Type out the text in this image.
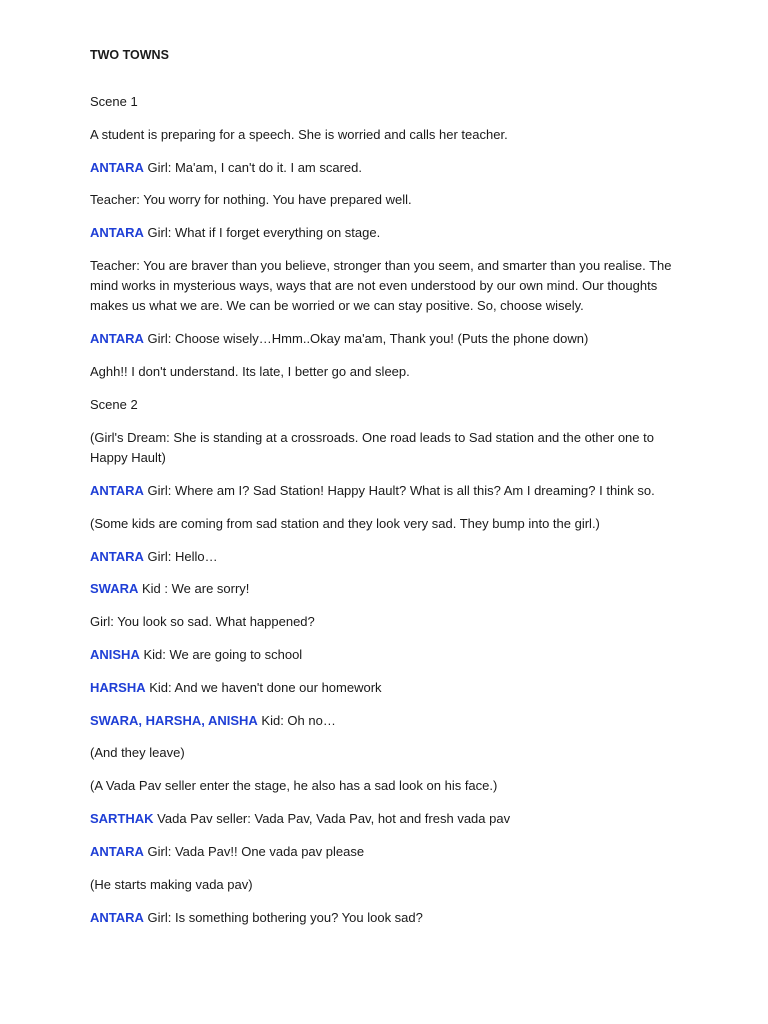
TWO TOWNS
Scene 1
A student is preparing for a speech. She is worried and calls her teacher.
ANTARA Girl: Ma'am, I can't do it. I am scared.
Teacher: You worry for nothing. You have prepared well.
ANTARA Girl: What if I forget everything on stage.
Teacher: You are braver than you believe, stronger than you seem, and smarter than you realise. The mind works in mysterious ways, ways that are not even understood by our own mind. Our thoughts makes us what we are. We can be worried or we can stay positive. So, choose wisely.
ANTARA Girl: Choose wisely…Hmm..Okay ma'am, Thank you! (Puts the phone down)
Aghh!! I don't understand. Its late, I better go and sleep.
Scene 2
(Girl's Dream: She is standing at a crossroads. One road leads to Sad station and the other one to Happy Hault)
ANTARA Girl: Where am I? Sad Station! Happy Hault? What is all this? Am I dreaming? I think so.
(Some kids are coming from sad station and they look very sad. They bump into the girl.)
ANTARA Girl: Hello…
SWARA Kid : We are sorry!
Girl: You look so sad. What happened?
ANISHA Kid: We are going to school
HARSHA Kid: And we haven't done our homework
SWARA, HARSHA, ANISHA Kid: Oh no…
(And they leave)
(A Vada Pav seller enter the stage, he also has a sad look on his face.)
SARTHAK Vada Pav seller: Vada Pav, Vada Pav, hot and fresh vada pav
ANTARA Girl: Vada Pav!! One vada pav please
(He starts making vada pav)
ANTARA Girl: Is something bothering you? You look sad?
